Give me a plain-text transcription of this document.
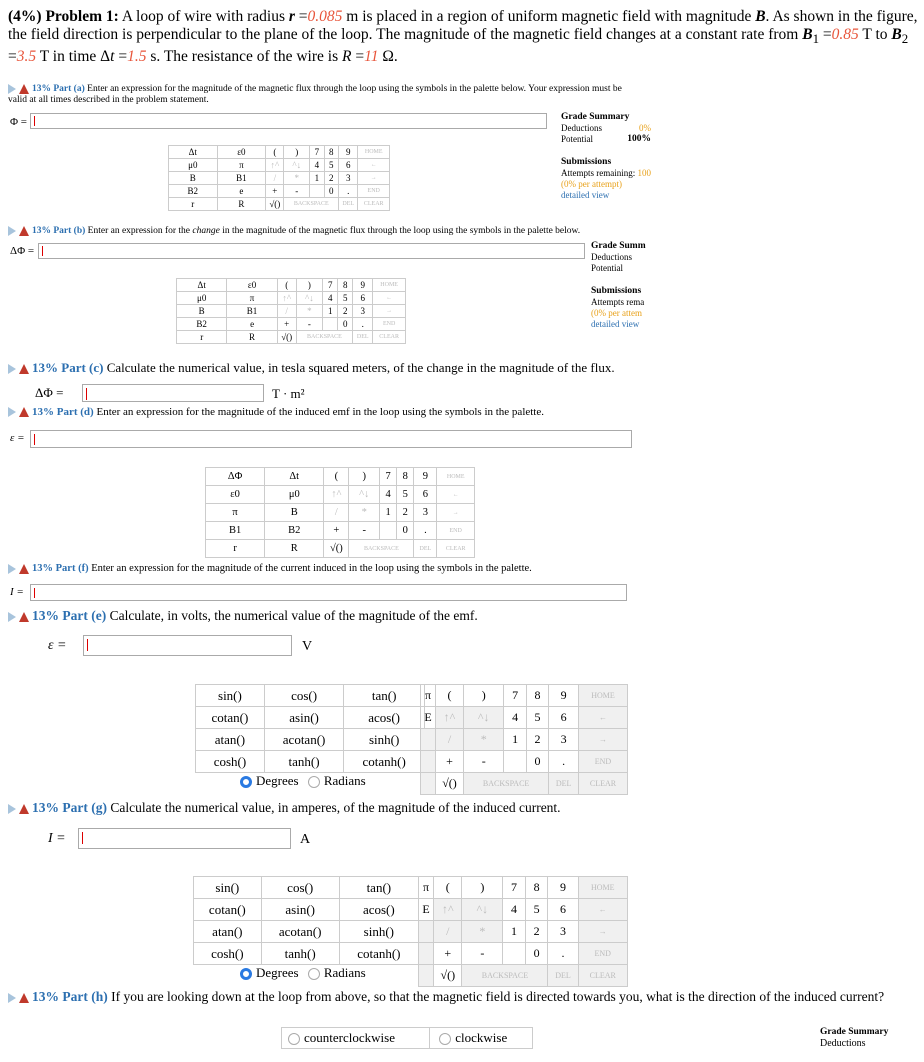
(4%) Problem 1: A loop of wire with radius r =0.085 m is placed in a region of uniform magnetic field with magnitude B. As shown in the figure, the field direction is perpendicular to the plane of the loop. The magnitude of the magnetic field changes at a constant rate from $B_1 =0.85$ T to $B_2 =3.5$ T in time Δt =1.5 s. The resistance of the wire is R =11 Ω.
13% Part (a) Enter an expression for the magnitude of the magnetic flux through the loop using the symbols in the palette below. Your expression must be valid at all times described in the problem statement.
Φ =	Grade Summary
Deductions	0%

Potential	100%

Submissions
Attempts remaining: 100
(0% per attempt)
detailed view
Δt	ε0	(	)	7	8	9	HOME
μ0	π	↑^	^↓	4	5	6	←
B	B1	/	*	1	2	3	→
B2	e	+	-		0	.	END
r	R	√()	BACKSPACE			DEL	CLEAR
13% Part (b) Enter an expression for the change in the magnitude of the magnetic flux through the loop using the symbols in the palette below.
ΔΦ =	Grade Summ
Deductions
Potential

Submissions
Attempts rema
(0% per attem
detailed view
Δt	ε0	(	)	7	8	9	HOME
μ0	π	↑^	^↓	4	5	6	←
B	B1	/	*	1	2	3	→
B2	e	+	-		0	.	END
r	R	√()	BACKSPACE			DEL	CLEAR
13% Part (c) Calculate the numerical value, in tesla squared meters, of the change in the magnitude of the flux.
ΔΦ =	T · m²
13% Part (d) Enter an expression for the magnitude of the induced emf in the loop using the symbols in the palette.
ε =
ΔΦ	Δt	(	)	7	8	9	HOME
ε0	μ0	↑^	^↓	4	5	6	←
π	B	/	*	1	2	3	→
B1	B2	+	-		0	.	END
r	R	√()	BACKSPACE			DEL	CLEAR
13% Part (f) Enter an expression for the magnitude of the current induced in the loop using the symbols in the palette.
I =
13% Part (e) Calculate, in volts, the numerical value of the magnitude of the emf.
ε =	V
sin()	cos()	tan()
cotan()	asin()	acos()
atan()	acotan()	sinh()
cosh()	tanh()	cotanh()
Degrees Radians
π	(	)	7	8	9	HOME
E	↑^	^↓	4	5	6	←
	/	*	1	2	3	→
	+	-		0	.	END
	√()	BACKSPACE			DEL	CLEAR
13% Part (g) Calculate the numerical value, in amperes, of the magnitude of the induced current.
I =	A
sin()	cos()	tan()
cotan()	asin()	acos()
atan()	acotan()	sinh()
cosh()	tanh()	cotanh()
Degrees Radians
π	(	)	7	8	9	HOME
E	↑^	^↓	4	5	6	←
	/	*	1	2	3	→
	+	-		0	.	END
	√()	BACKSPACE			DEL	CLEAR
13% Part (h) If you are looking down at the loop from above, so that the magnetic field is directed towards you, what is the direction of the induced current?
counterclockwise	clockwise	Grade Summary
Deductions
